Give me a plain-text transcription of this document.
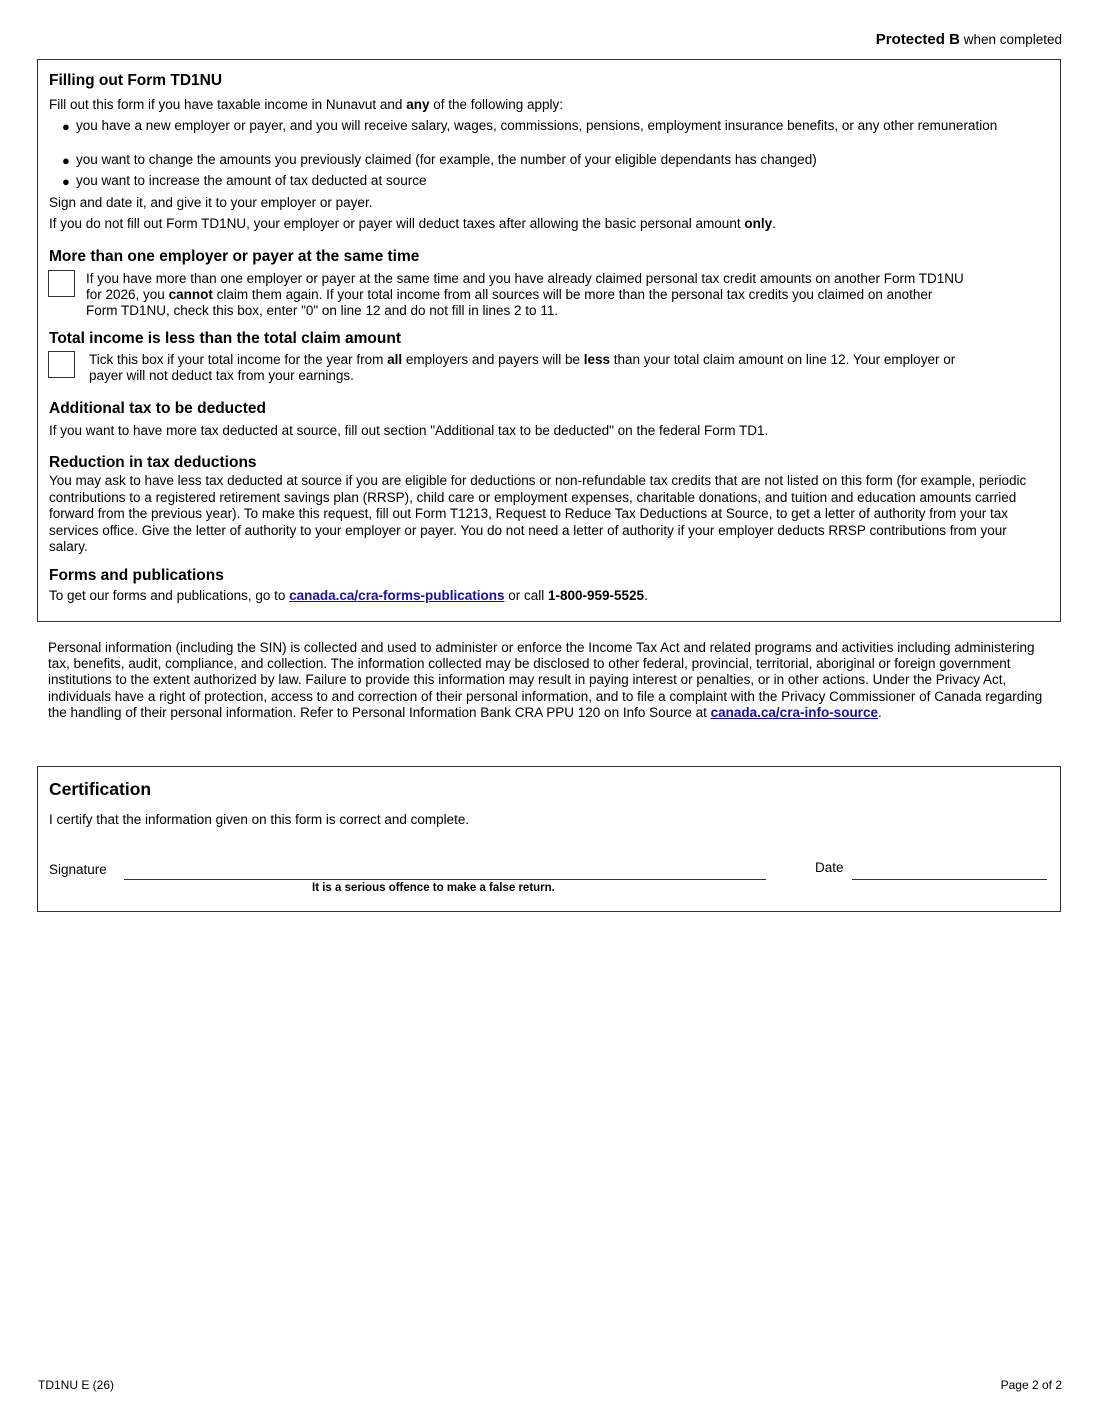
Protected B when completed
Filling out Form TD1NU
Fill out this form if you have taxable income in Nunavut and any of the following apply:
● you have a new employer or payer, and you will receive salary, wages, commissions, pensions, employment insurance benefits, or any other remuneration
● you want to change the amounts you previously claimed (for example, the number of your eligible dependants has changed)
● you want to increase the amount of tax deducted at source
Sign and date it, and give it to your employer or payer.
If you do not fill out Form TD1NU, your employer or payer will deduct taxes after allowing the basic personal amount only.
More than one employer or payer at the same time
If you have more than one employer or payer at the same time and you have already claimed personal tax credit amounts on another Form TD1NU for 2026, you cannot claim them again. If your total income from all sources will be more than the personal tax credits you claimed on another Form TD1NU, check this box, enter "0" on line 12 and do not fill in lines 2 to 11.
Total income is less than the total claim amount
Tick this box if your total income for the year from all employers and payers will be less than your total claim amount on line 12. Your employer or payer will not deduct tax from your earnings.
Additional tax to be deducted
If you want to have more tax deducted at source, fill out section "Additional tax to be deducted" on the federal Form TD1.
Reduction in tax deductions
You may ask to have less tax deducted at source if you are eligible for deductions or non-refundable tax credits that are not listed on this form (for example, periodic contributions to a registered retirement savings plan (RRSP), child care or employment expenses, charitable donations, and tuition and education amounts carried forward from the previous year). To make this request, fill out Form T1213, Request to Reduce Tax Deductions at Source, to get a letter of authority from your tax services office. Give the letter of authority to your employer or payer. You do not need a letter of authority if your employer deducts RRSP contributions from your salary.
Forms and publications
To get our forms and publications, go to canada.ca/cra-forms-publications or call 1-800-959-5525.
Personal information (including the SIN) is collected and used to administer or enforce the Income Tax Act and related programs and activities including administering tax, benefits, audit, compliance, and collection. The information collected may be disclosed to other federal, provincial, territorial, aboriginal or foreign government institutions to the extent authorized by law. Failure to provide this information may result in paying interest or penalties, or in other actions. Under the Privacy Act, individuals have a right of protection, access to and correction of their personal information, and to file a complaint with the Privacy Commissioner of Canada regarding the handling of their personal information. Refer to Personal Information Bank CRA PPU 120 on Info Source at canada.ca/cra-info-source.
Certification
I certify that the information given on this form is correct and complete.
Signature
It is a serious offence to make a false return.
Date
TD1NU E (26)	Page 2 of 2
